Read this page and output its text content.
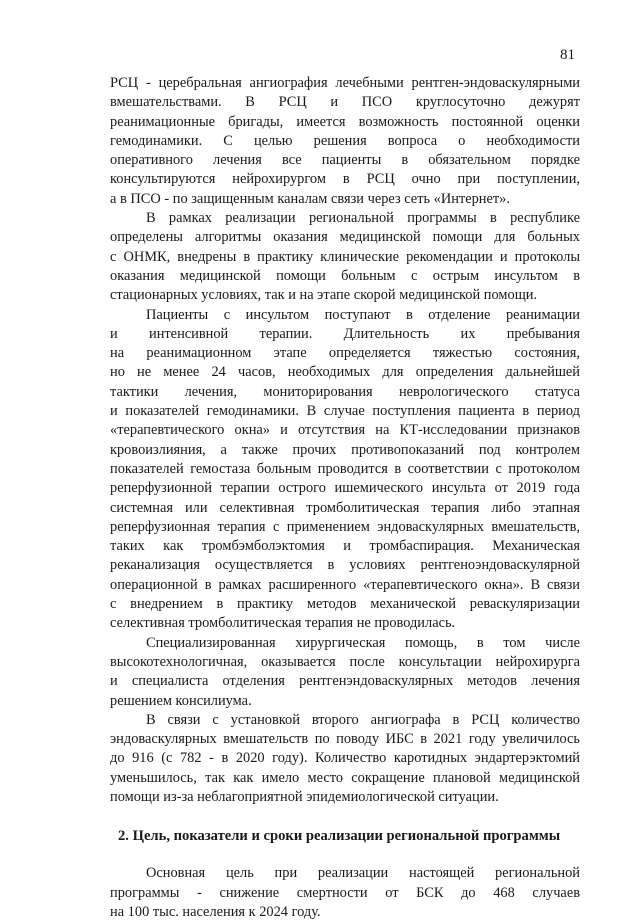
81
РСЦ - церебральная ангиография лечебными рентген-эндоваскулярными
вмешательствами. В РСЦ и ПСО круглосуточно дежурят
реанимационные бригады, имеется возможность постоянной оценки
гемодинамики. С целью решения вопроса о необходимости
оперативного лечения все пациенты в обязательном порядке
консультируются нейрохирургом в РСЦ очно при поступлении,
а в ПСО - по защищенным каналам связи через сеть «Интернет».
В рамках реализации региональной программы в республике
определены алгоритмы оказания медицинской помощи для больных
с ОНМК, внедрены в практику клинические рекомендации и протоколы
оказания медицинской помощи больным с острым инсультом в
стационарных условиях, так и на этапе скорой медицинской помощи.
Пациенты с инсультом поступают в отделение реанимации
и интенсивной терапии. Длительность их пребывания
на реанимационном этапе определяется тяжестью состояния,
но не менее 24 часов, необходимых для определения дальнейшей
тактики лечения, мониторирования неврологического статуса
и показателей гемодинамики. В случае поступления пациента в период
«терапевтического окна» и отсутствия на КТ-исследовании признаков
кровоизлияния, а также прочих противопоказаний под контролем
показателей гемостаза больным проводится в соответствии с протоколом
реперфузионной терапии острого ишемического инсульта от 2019 года
системная или селективная тромболитическая терапия либо этапная
реперфузионная терапия с применением эндоваскулярных вмешательств,
таких как тромбэмболэктомия и тромбаспирация. Механическая
реканализация осуществляется в условиях рентгеноэндоваскулярной
операционной в рамках расширенного «терапевтического окна». В связи
с внедрением в практику методов механической реваскуляризации
селективная тромболитическая терапия не проводилась.
Специализированная хирургическая помощь, в том числе
высокотехнологичная, оказывается после консультации нейрохирурга
и специалиста отделения рентгенэндоваскулярных методов лечения
решением консилиума.
В связи с установкой второго ангиографа в РСЦ количество
эндоваскулярных вмешательств по поводу ИБС в 2021 году увеличилось
до 916 (с 782 - в 2020 году). Количество каротидных эндартерэктомий
уменьшилось, так как имело место сокращение плановой медицинской
помощи из-за неблагоприятной эпидемиологической ситуации.
2. Цель, показатели и сроки реализации региональной программы
Основная цель при реализации настоящей региональной
программы - снижение смертности от БСК до 468 случаев
на 100 тыс. населения к 2024 году.
